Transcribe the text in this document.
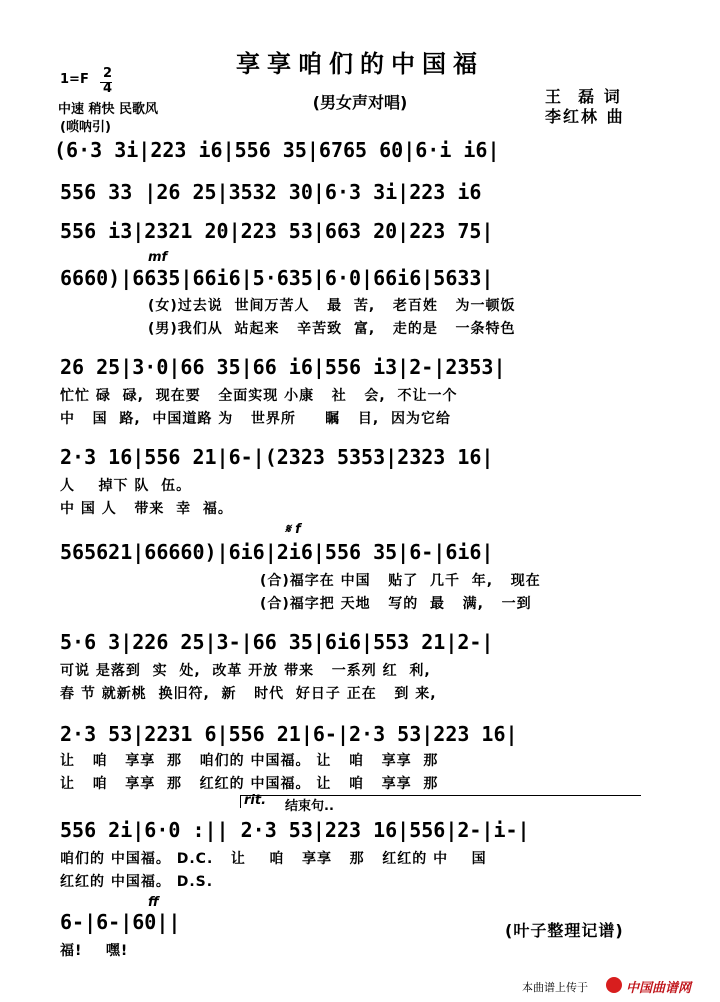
享享咱们的中国福
(男女声对唱)
1=F 2
4
中速 稍快 民歌风
(唢呐引)
王  磊 词
李红林 曲
(6·3 3i|223 i6|556 35|6765 60|6·i i6|
556 33 |26 25|3532 30|6·3 3i|223 i6
556 i3|2321 20|223 53|663 20|223 75|
mf
6660)|6635|66i6|5·635|6·0|66i6|5633|
(女)过去说  世间万苦人   最  苦,   老百姓   为一顿饭
(男)我们从  站起来   辛苦致  富,   走的是   一条特色
26 25|3·0|66 35|66 i6|556 i3|2-|2353|
忙忙 碌  碌,  现在要   全面实现 小康   社   会,  不让一个
中   国  路,  中国道路 为   世界所     瞩   目,  因为它给
2·3 16|556 21|6-|(2323 5353|2323 16|
人    掉下 队  伍。
中 国 人   带来  幸  福。
𝄋 f
565621|66660)|6i6|2i6|556 35|6-|6i6|
(合)福字在 中国   贴了  几千  年,   现在
(合)福字把 天地   写的  最   满,   一到
5·6 3|226 25|3-|66 35|6i6|553 21|2-|
可说 是落到  实  处,  改革 开放 带来   一系列 红  利,
春 节 就新桃  换旧符,  新   时代  好日子 正在   到 来,
2·3 53|2231 6|556 21|6-|2·3 53|223 16|
让   咱   享享  那   咱们的 中国福。 让   咱   享享  那
让   咱   享享  那   红红的 中国福。 让   咱   享享  那
rit. 结束句..
556 2i|6·0 :|| 2·3 53|223 16|556|2-|i-|
咱们的 中国福。 D.C.   让    咱   享享   那   红红的 中    国
红红的 中国福。 D.S.
ff
6-|6-|60||
福!    嘿!
(叶子整理记谱)
本曲谱上传于	中国曲谱网
